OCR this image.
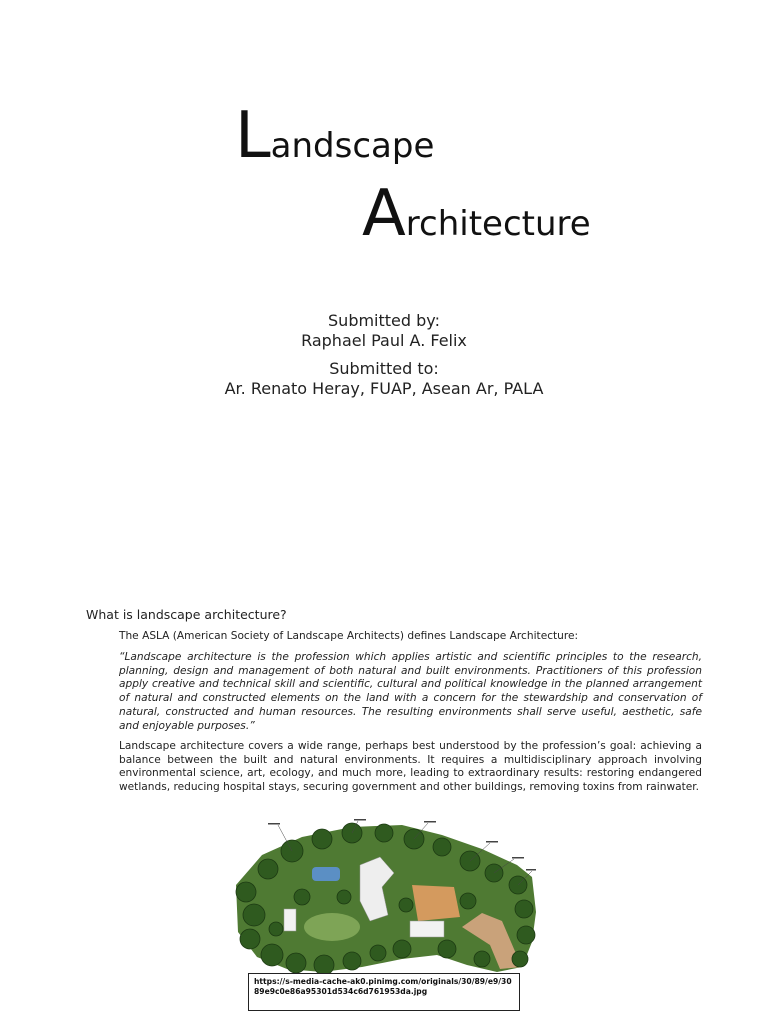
Landscape
Architecture

Submitted by:

Raphael Paul A. Felix

Submitted to:

Ar. Renato Heray, FUAP, Asean Ar, PALA

What is landscape architecture?

The ASLA (American Society of Landscape Architects) defines Landscape Architecture:

“Landscape architecture is the profession which applies artistic and scientific principles to the research, planning, design and management of both natural and built environments. Practitioners of this profession apply creative and technical skill and scientific, cultural and political knowledge in the planned arrangement of natural and constructed elements on the land with a concern for the stewardship and conservation of natural, constructed and human resources. The resulting environments shall serve useful, aesthetic, safe and enjoyable purposes.”

Landscape architecture covers a wide range, perhaps best understood by the profession’s goal: achieving a balance between the built and natural environments. It requires a multidisciplinary approach involving environmental science, art, ecology, and much more, leading to extraordinary results: restoring endangered wetlands, reducing hospital stays, securing government and other buildings, removing toxins from rainwater.

https://s-media-cache-ak0.pinimg.com/originals/30/89/e9/3089e9c0e86a95301d534c6d761953da.jpg
